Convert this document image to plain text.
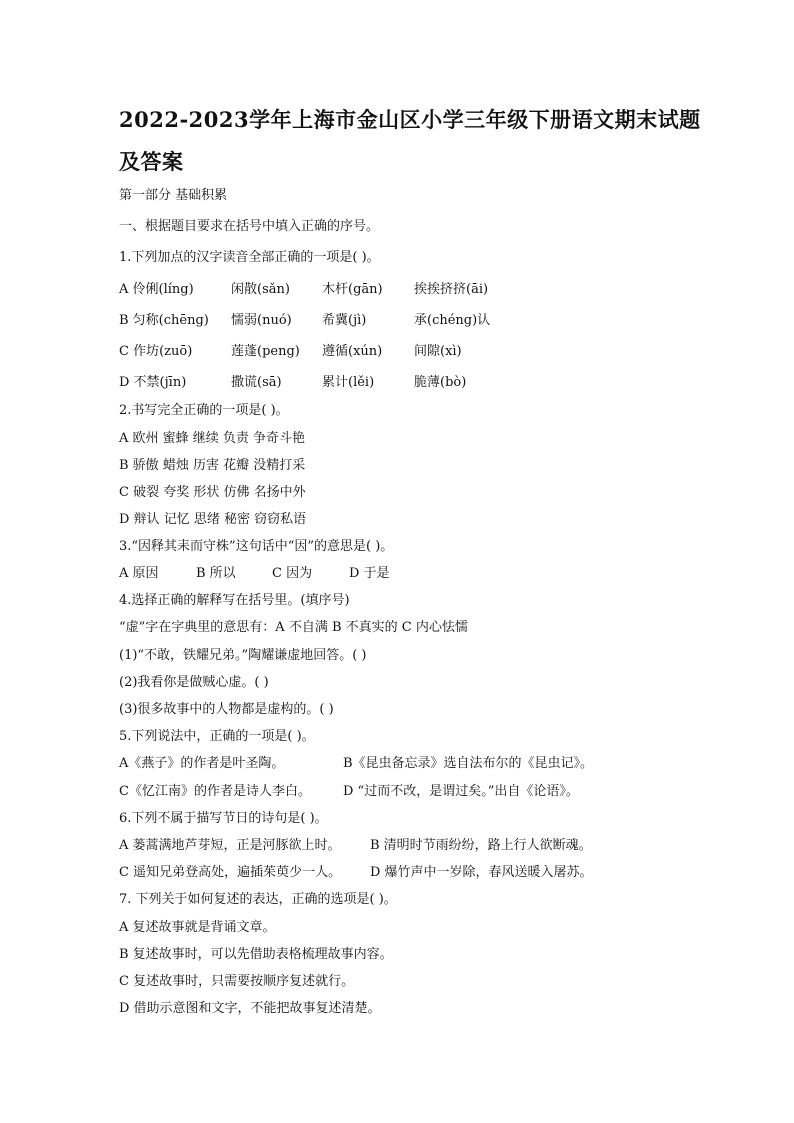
2022-2023学年上海市金山区小学三年级下册语文期末试题
及答案
第一部分 基础积累
一、根据题目要求在括号中填入正确的序号。
1.下列加点的汉字读音全部正确的一项是( )。
A 伶俐(líng)	闲散(sǎn) 木杆(gān) 挨挨挤挤(āi)
B 匀称(chēng) 懦弱(nuó) 希冀(jì)	承(chéng)认
C 作坊(zuō)	莲蓬(peng) 遵循(xún) 间隙(xì)
D 不禁(jīn)	撒谎(sā)	累计(lěi)	脆薄(bò)
2.书写完全正确的一项是( )。
A 欧州 蜜蜂 继续 负责 争奇斗艳
B 骄傲 蜡烛 历害 花瓣 没精打采
C 破裂 夸奖 形状 仿佛 名扬中外
D 辩认 记忆 思绪 秘密 窃窃私语
3.“因释其耒而守株”这句话中“因”的意思是( )。
A 原因	B 所以	C 因为	D 于是
4.选择正确的解释写在括号里。(填序号)
“虚”字在字典里的意思有：A 不自满 B 不真实的 C 内心怯懦
(1)“不敢，铁耀兄弟。”陶耀谦虚地回答。( )
(2)我看你是做贼心虚。( )
(3)很多故事中的人物都是虚构的。( )
5.下列说法中，正确的一项是( )。
A《燕子》的作者是叶圣陶。	B《昆虫备忘录》选自法布尔的《昆虫记》。
C《忆江南》的作者是诗人李白。 D “过而不改，是谓过矣。”出自《论语》。
6.下列不属于描写节日的诗句是( )。
A 蒌蒿满地芦芽短，正是河豚欲上时。 B 清明时节雨纷纷，路上行人欲断魂。
C 遥知兄弟登高处，遍插茱萸少一人。 D 爆竹声中一岁除，春风送暖入屠苏。
7. 下列关于如何复述的表达，正确的选项是( )。
A 复述故事就是背诵文章。
B 复述故事时，可以先借助表格梳理故事内容。
C 复述故事时，只需要按顺序复述就行。
D 借助示意图和文字，不能把故事复述清楚。
